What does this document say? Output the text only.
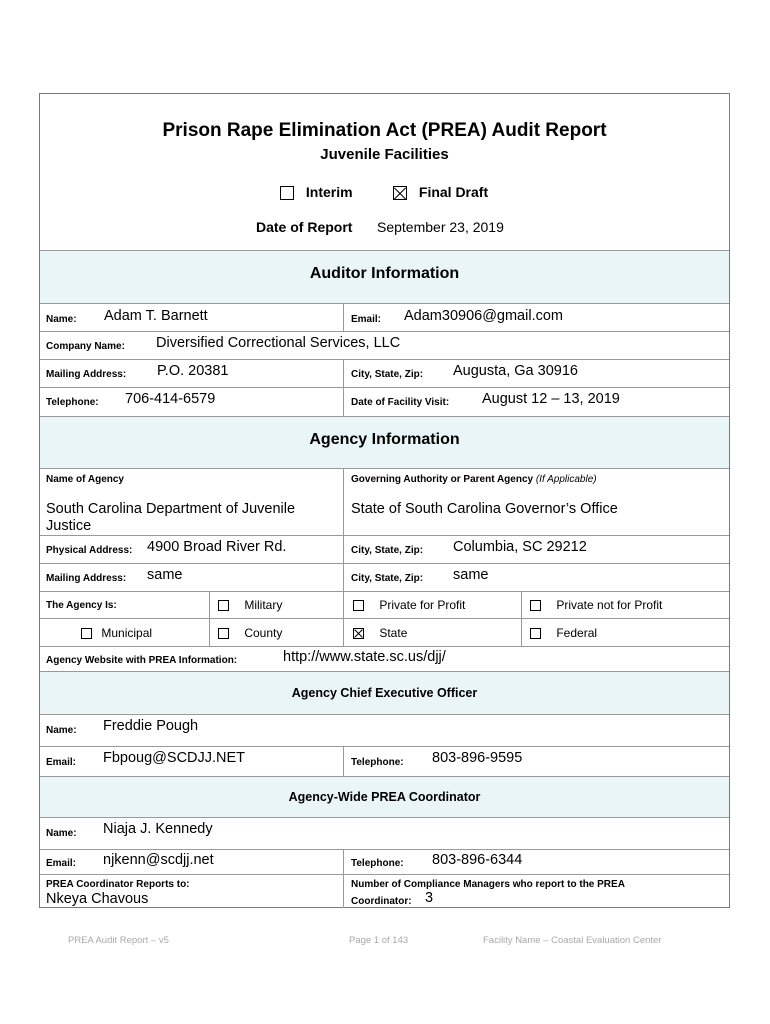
Prison Rape Elimination Act (PREA) Audit Report
Juvenile Facilities
Interim	Final Draft
Date of Report September 23, 2019
Auditor Information
Name: Adam T. Barnett	Email: Adam30906@gmail.com
Company Name: Diversified Correctional Services, LLC
Mailing Address: P.O. 20381	City, State, Zip: Augusta, Ga 30916
Telephone: 706-414-6579	Date of Facility Visit: August 12 – 13, 2019
Agency Information
Name of Agency
South Carolina Department of Juvenile
Justice
Governing Authority or Parent Agency (If Applicable)
State of South Carolina Governor’s Office
Physical Address: 4900 Broad River Rd.	City, State, Zip: Columbia, SC 29212
Mailing Address: same	City, State, Zip: same
The Agency Is:	Military	Private for Profit	Private not for Profit
Municipal	County	State	Federal
Agency Website with PREA Information:	http://www.state.sc.us/djj/
Agency Chief Executive Officer
Name: Freddie Pough
Email: Fbpoug@SCDJJ.NET	Telephone: 803-896-9595
Agency-Wide PREA Coordinator
Name: Niaja J. Kennedy
Email: njkenn@scdjj.net	Telephone: 803-896-6344
PREA Coordinator Reports to:
Nkeya Chavous
Number of Compliance Managers who report to the PREA
Coordinator: 3
PREA Audit Report – v5	Page 1 of 143	Facility Name – Coastal Evaluation Center
